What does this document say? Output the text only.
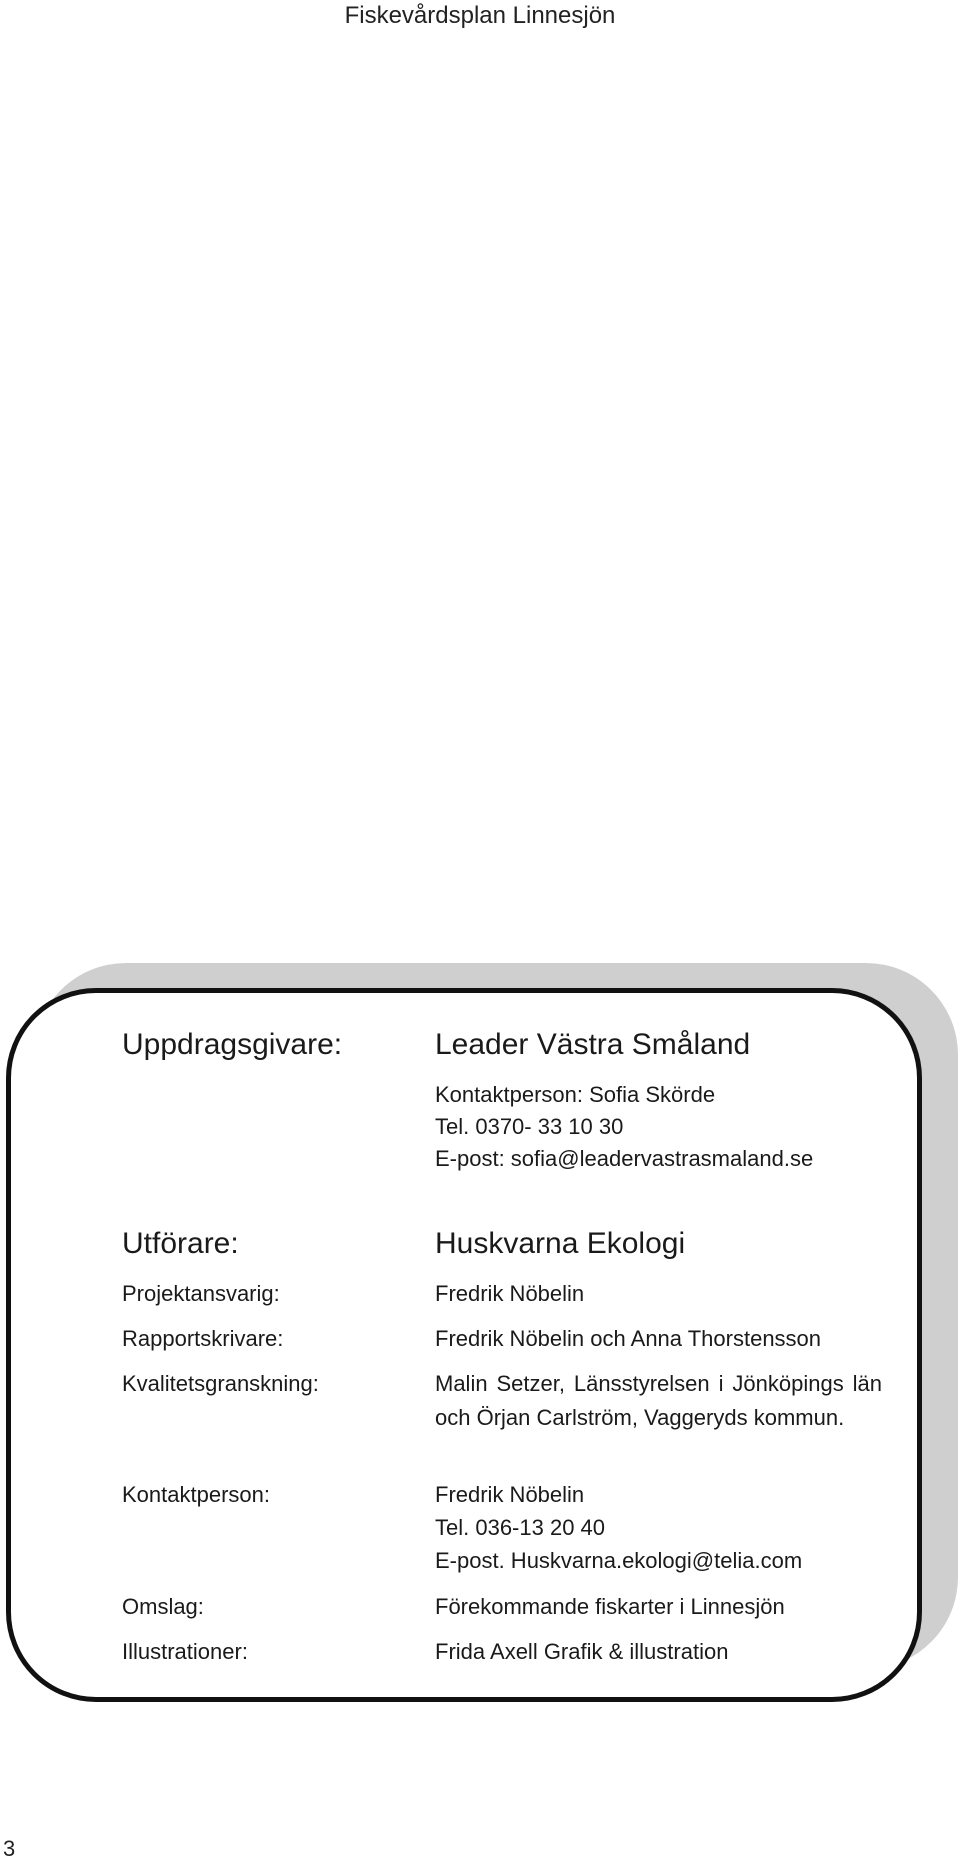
Fiskevårdsplan Linnesjön
Uppdragsgivare:	Leader Västra Småland
Kontaktperson: Sofia Skörde
Tel. 0370- 33 10 30
E-post: sofia@leadervastrasmaland.se
Utförare:	Huskvarna Ekologi
Projektansvarig:	Fredrik Nöbelin
Rapportskrivare:	Fredrik Nöbelin och Anna Thorstensson
Kvalitetsgranskning:	Malin Setzer, Länsstyrelsen i Jönköpings län och Örjan Carlström, Vaggeryds kommun.
Kontaktperson:	Fredrik Nöbelin
Tel. 036-13 20 40
E-post. Huskvarna.ekologi@telia.com
Omslag:	Förekommande fiskarter i Linnesjön
Illustrationer:	Frida Axell Grafik & illustration
3
